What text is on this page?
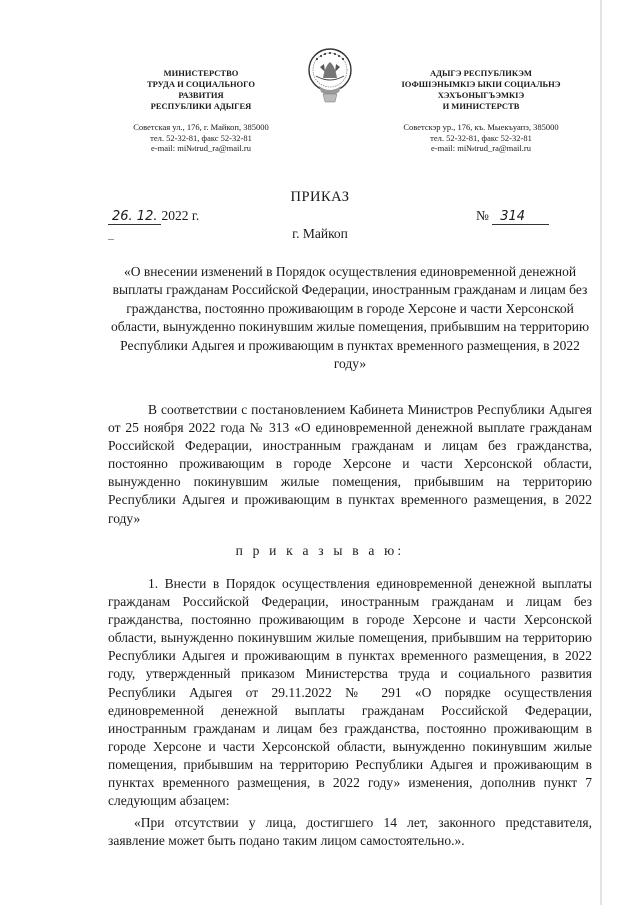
МИНИСТЕРСТВО
ТРУДА И СОЦИАЛЬНОГО
РАЗВИТИЯ
РЕСПУБЛИКИ АДЫГЕЯ
Советская ул., 176, г. Майкоп, 385000
тел. 52-32-81, факс 52-32-81
e-mail: mi№trud_ra@mail.ru
АДЫГЭ РЕСПУБЛИКЭМ
ІОФШІЭНЫМКІЭ ЫКІИ СОЦИАЛЬНЭ
ХЭХЪОНЫГЪЭМКІЭ
И МИНИСТЕРСТВ
Советскэр ур., 176, къ. Мыекъуапэ, 385000
тел. 52-32-81, факс 52-32-81
e-mail: mi№trud_ra@mail.ru
ПРИКАЗ
26. 12. 2022 г.	№ 314
г. Майкоп
«О внесении изменений в Порядок осуществления единовременной денежной выплаты гражданам Российской Федерации, иностранным гражданам и лицам без гражданства, постоянно проживающим в городе Херсоне и части Херсонской области, вынужденно покинувшим жилые помещения, прибывшим на территорию Республики Адыгея и проживающим в пунктах временного размещения, в 2022 году»
В соответствии с постановлением Кабинета Министров Республики Адыгея от 25 ноября 2022 года № 313 «О единовременной денежной выплате гражданам Российской Федерации, иностранным гражданам и лицам без гражданства, постоянно проживающим в городе Херсоне и части Херсонской области, вынужденно покинувшим жилые помещения, прибывшим на территорию Республики Адыгея и проживающим в пунктах временного размещения, в 2022 году»
п р и к а з ы в а ю:
1. Внести в Порядок осуществления единовременной денежной выплаты гражданам Российской Федерации, иностранным гражданам и лицам без гражданства, постоянно проживающим в городе Херсоне и части Херсонской области, вынужденно покинувшим жилые помещения, прибывшим на территорию Республики Адыгея и проживающим в пунктах временного размещения, в 2022 году, утвержденный приказом Министерства труда и социального развития Республики Адыгея от 29.11.2022 № 291 «О порядке осуществления единовременной денежной выплаты гражданам Российской Федерации, иностранным гражданам и лицам без гражданства, постоянно проживающим в городе Херсоне и части Херсонской области, вынужденно покинувшим жилые помещения, прибывшим на территорию Республики Адыгея и проживающим в пунктах временного размещения, в 2022 году» изменения, дополнив пункт 7 следующим абзацем:
«При отсутствии у лица, достигшего 14 лет, законного представителя, заявление может быть подано таким лицом самостоятельно.».
